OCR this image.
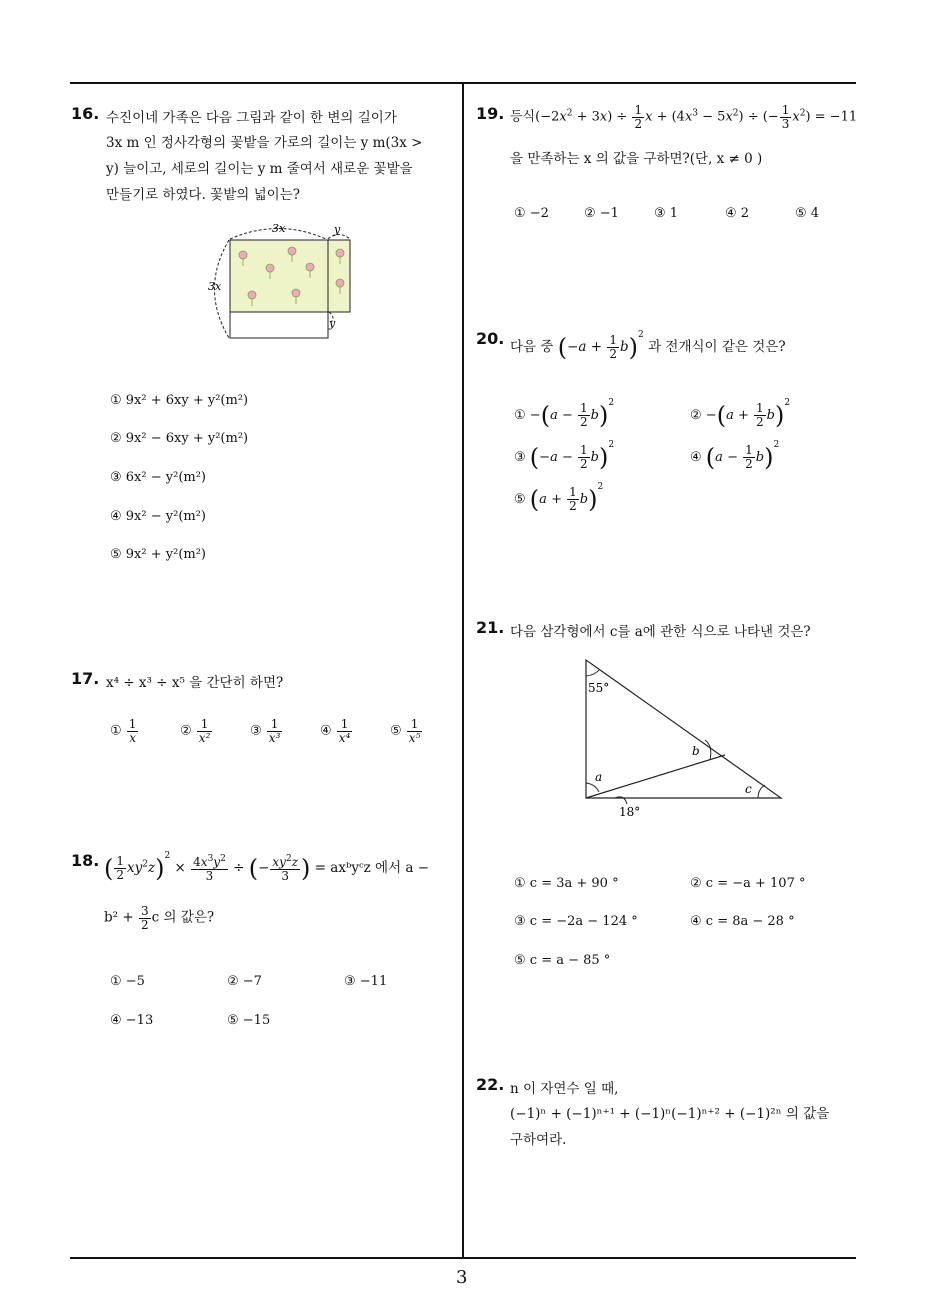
16. 수진이네 가족은 다음 그림과 같이 한 변의 길이가
3x m 인 정사각형의 꽃밭을 가로의 길이는 y m(3x >
y) 늘이고, 세로의 길이는 y m 줄여서 새로운 꽃밭을
만들기로 하였다. 꽃밭의 넓이는?
3x
3x
y
y
① 9x² + 6xy + y²(m²)
② 9x² − 6xy + y²(m²)
③ 6x² − y²(m²)
④ 9x² − y²(m²)
⑤ 9x² + y²(m²)
17. x⁴ ÷ x³ ÷ x⁵ 을 간단히 하면?
① $\frac{1}{x}$	② $\frac{1}{\text{x²}}$	③ $\frac{1}{\text{x³}}$	④ $\frac{1}{\text{x⁴}}$	⑤ $\frac{1}{\text{x⁵}}$
18. ( $\frac{1}{2} xy^2z)^2 \times \frac{4x^3y^2}{3}$ ÷ (− $\frac{xy^2z}{3}$ ) = axᵇyᶜz 에서 a −
$b^2 + \frac{3}{2}$ c 의 값은?
① −5	② −7	③ −11
④ −13	⑤ −15
19. 등식$(-2x^2 + 3x) \div \frac{1}{2}$ $x + (4x^3 - 5x^2)$ ÷ (− $\frac{1}{3} x^2) = -11$
을 만족하는 x 의 값을 구하면?(단, x ≠ 0 )
① −2	② −1	③ 1	④ 2	⑤ 4
20. 다음 중 $(-a + \frac{1}{2} b)^2$ 과 전개식이 같은 것은?
① $-(a - \frac{1}{2} b)^2$
② $-(a + \frac{1}{2} b)^2$
③ $(-a - \frac{1}{2} b)^2$
④ $(a - \frac{1}{2} b)^2$
⑤ $(a + \frac{1}{2} b)^2$
21. 다음 삼각형에서 c를 a에 관한 식으로 나타낸 것은?
55°
b
a
c
18°
① c = 3a + 90 °	② c = −a + 107 °
③ c = −2a − 124 °	④ c = 8a − 28 °
⑤ c = a − 85 °
22. n 이 자연수 일 때,
(−1)ⁿ + (−1)ⁿ⁺¹ + (−1)ⁿ(−1)ⁿ⁺² + (−1)²ⁿ 의 값을
구하여라.
3
